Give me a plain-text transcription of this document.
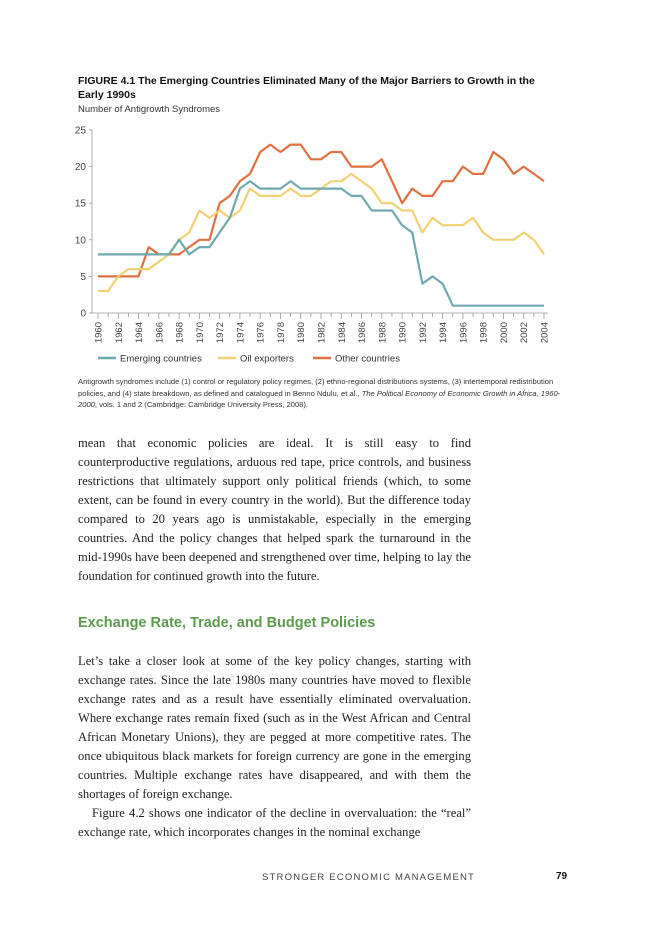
FIGURE 4.1 The Emerging Countries Eliminated Many of the Major Barriers to Growth in the Early 1990s
Number of Antigrowth Syndromes
0
5
10
15
20
25
1960 1962 1964 1966 1968 1970 1972 1974 1976 1978 1980 1982 1984 1986 1988 1990 1992 1994 1996 1998 2000 2002 2004
Emerging countries	Oil exporters	Other countries
Antigrowth syndromes include (1) control or regulatory policy regimes, (2) ethno-regional distributions systems, (3) intertemporal redistribution policies, and (4) state breakdown, as defined and catalogued in Benno Ndulu, et al., The Political Economy of Economic Growth in Africa, 1960-2000, vols. 1 and 2 (Cambridge: Cambridge University Press, 2008).

mean that economic policies are ideal. It is still easy to find counterproductive regulations, arduous red tape, price controls, and business restrictions that ultimately support only political friends (which, to some extent, can be found in every country in the world). But the difference today compared to 20 years ago is unmistakable, especially in the emerging countries. And the policy changes that helped spark the turnaround in the mid-1990s have been deepened and strengthened over time, helping to lay the foundation for continued growth into the future.

Exchange Rate, Trade, and Budget Policies

Let’s take a closer look at some of the key policy changes, starting with exchange rates. Since the late 1980s many countries have moved to flexible exchange rates and as a result have essentially eliminated overvaluation. Where exchange rates remain fixed (such as in the West African and Central African Monetary Unions), they are pegged at more competitive rates. The once ubiquitous black markets for foreign currency are gone in the emerging countries. Multiple exchange rates have disappeared, and with them the shortages of foreign exchange.

Figure 4.2 shows one indicator of the decline in overvaluation: the “real” exchange rate, which incorporates changes in the nominal exchange

STRONGER ECONOMIC MANAGEMENT	79
